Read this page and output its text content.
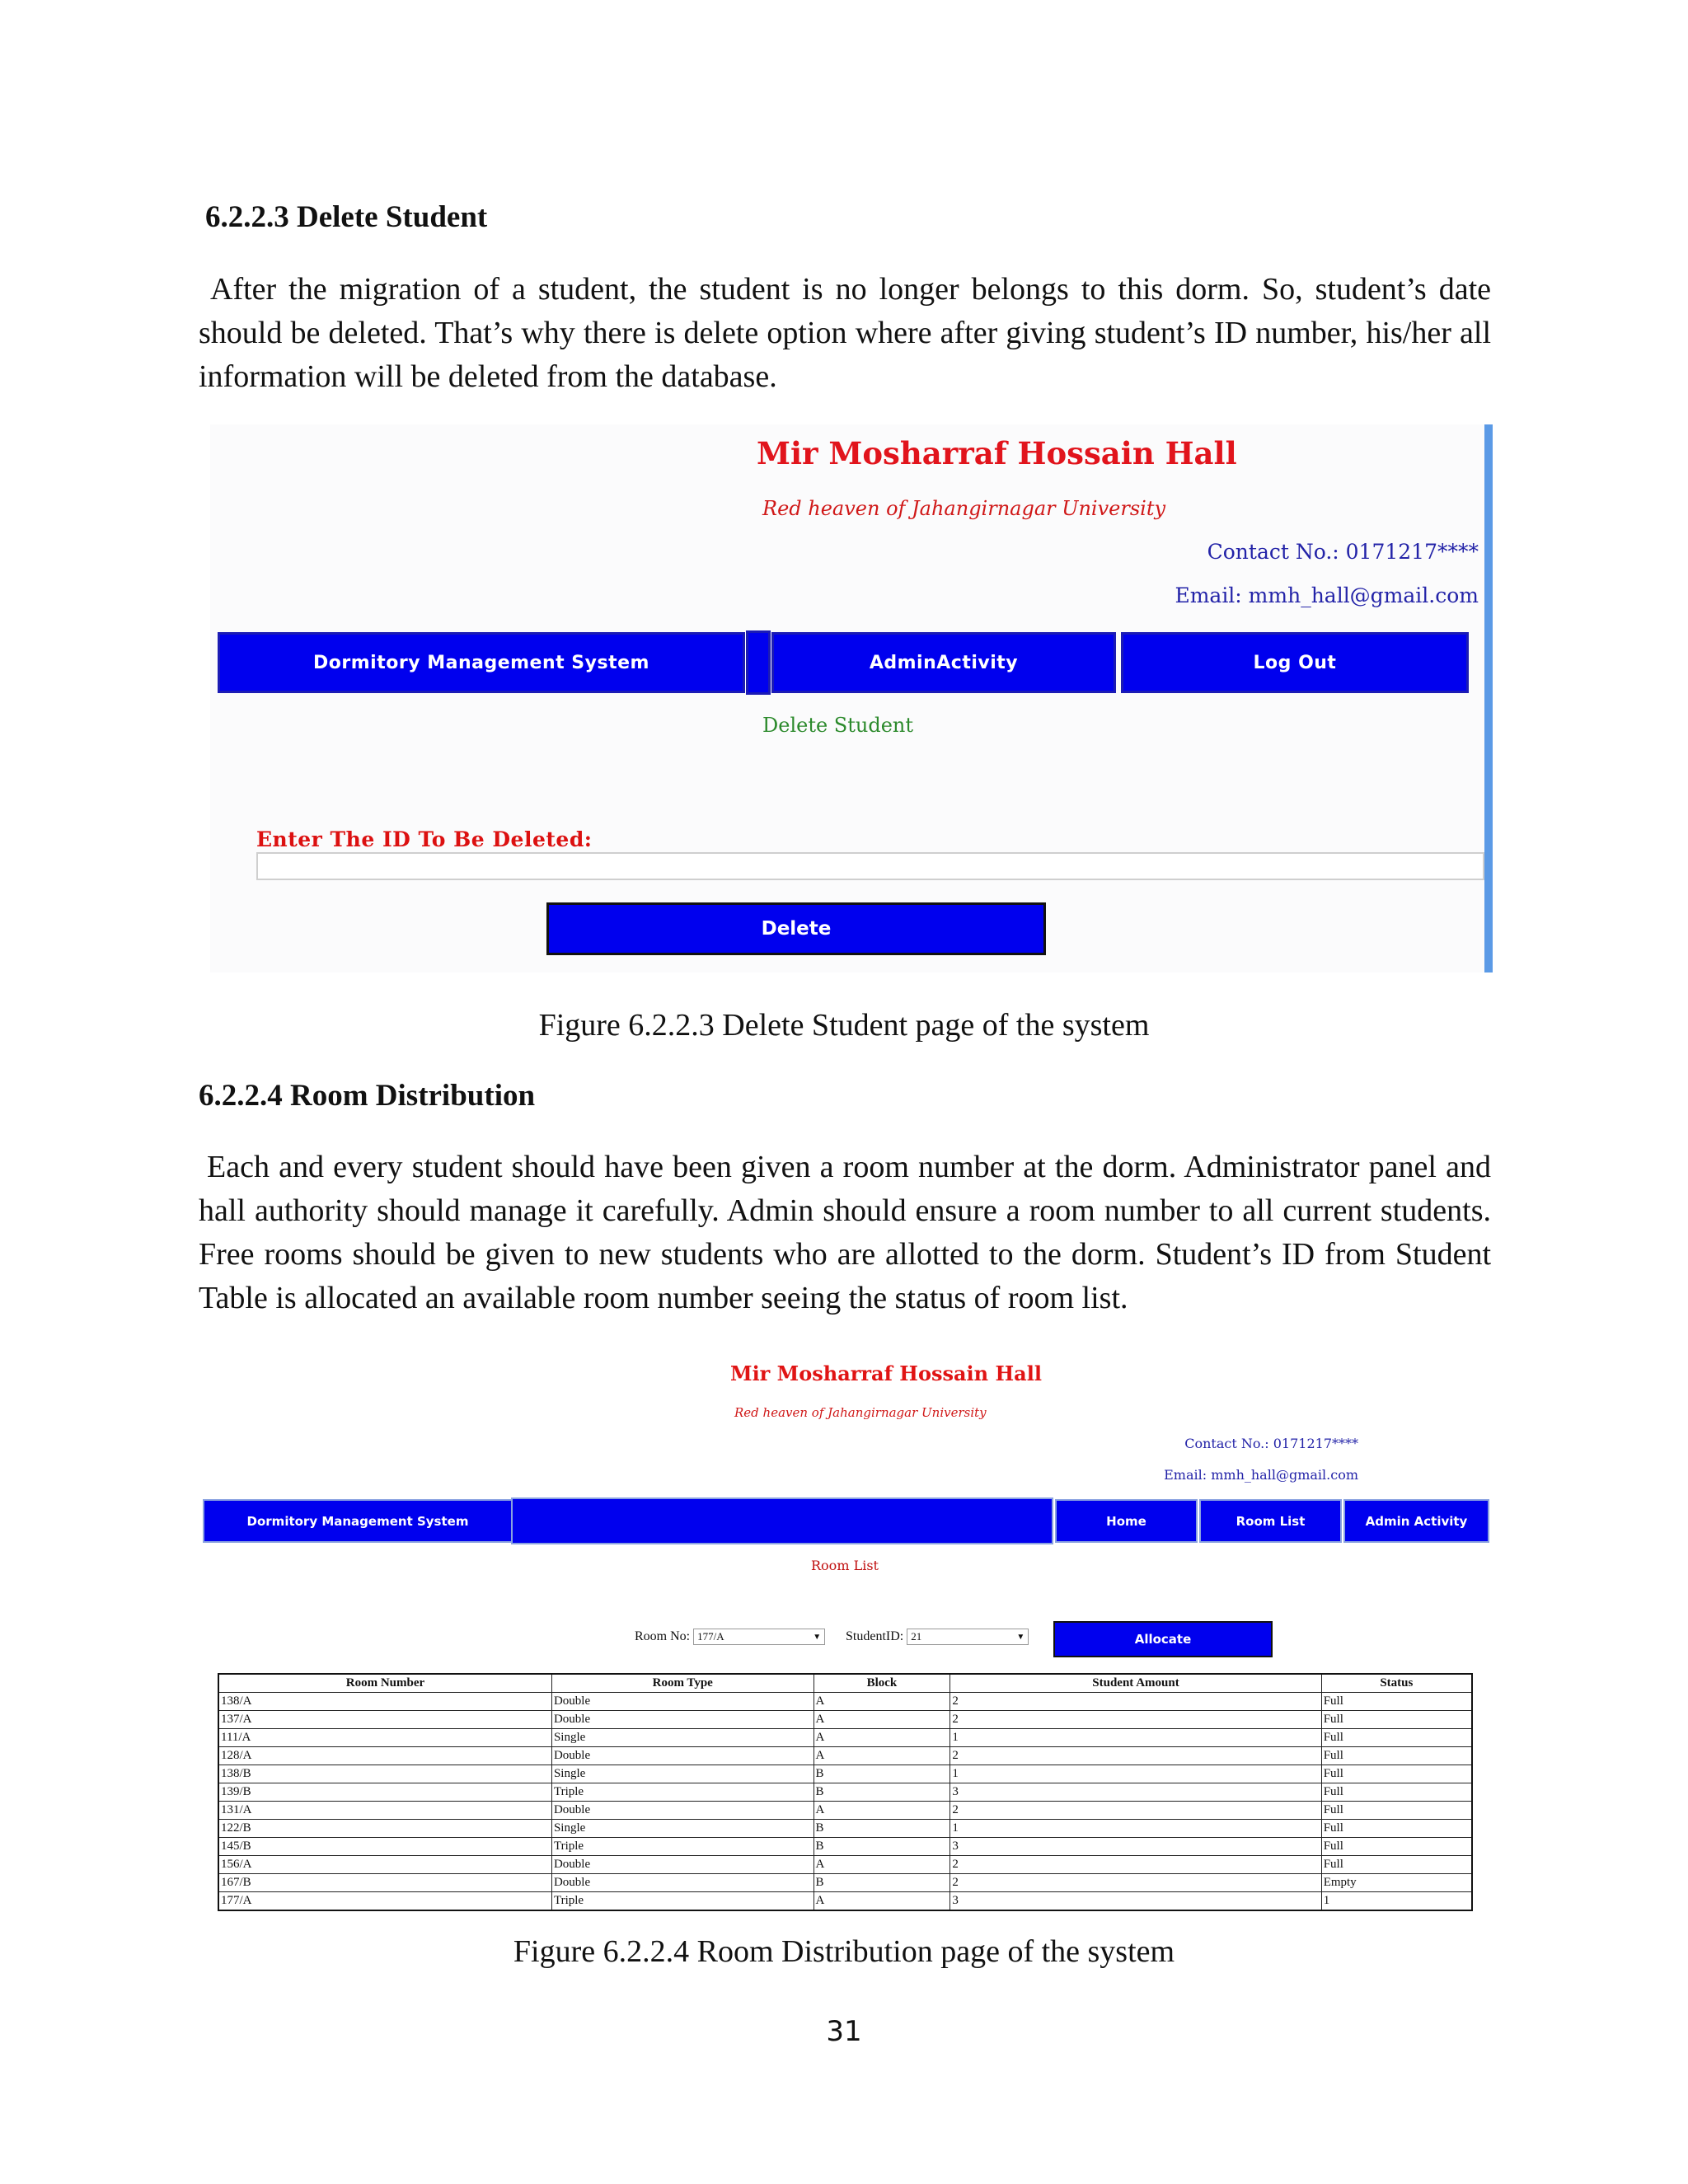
6.2.2.3 Delete Student
After the migration of a student, the student is no longer belongs to this dorm. So, student’s date should be deleted. That’s why there is delete option where after giving student’s ID number, his/her all information will be deleted from the database.
Mir Mosharraf Hossain Hall
Red heaven of Jahangirnagar University
Contact No.: 0171217****
Email: mmh_hall@gmail.com
Dormitory Management System	AdminActivity	Log Out
Delete Student
Enter The ID To Be Deleted:
Delete
Figure 6.2.2.3 Delete Student page of the system
6.2.2.4 Room Distribution
Each and every student should have been given a room number at the dorm. Administrator panel and hall authority should manage it carefully. Admin should ensure a room number to all current students. Free rooms should be given to new students who are allotted to the dorm. Student’s ID from Student Table is allocated an available room number seeing the status of room list.
Mir Mosharraf Hossain Hall
Red heaven of Jahangirnagar University
Contact No.: 0171217****
Email: mmh_hall@gmail.com
Dormitory Management System	Home	Room List	Admin Activity
Room List
Room No: 177/A	▼ StudentID: 21	▼	Allocate
Room Number	Room Type	Block	Student Amount	Status
138/A	Double	A	2	Full
137/A	Double	A	2	Full
111/A	Single	A	1	Full
128/A	Double	A	2	Full
138/B	Single	B	1	Full
139/B	Triple	B	3	Full
131/A	Double	A	2	Full
122/B	Single	B	1	Full
145/B	Triple	B	3	Full
156/A	Double	A	2	Full
167/B	Double	B	2	Empty
177/A	Triple	A	3	1
Figure 6.2.2.4 Room Distribution page of the system
31
